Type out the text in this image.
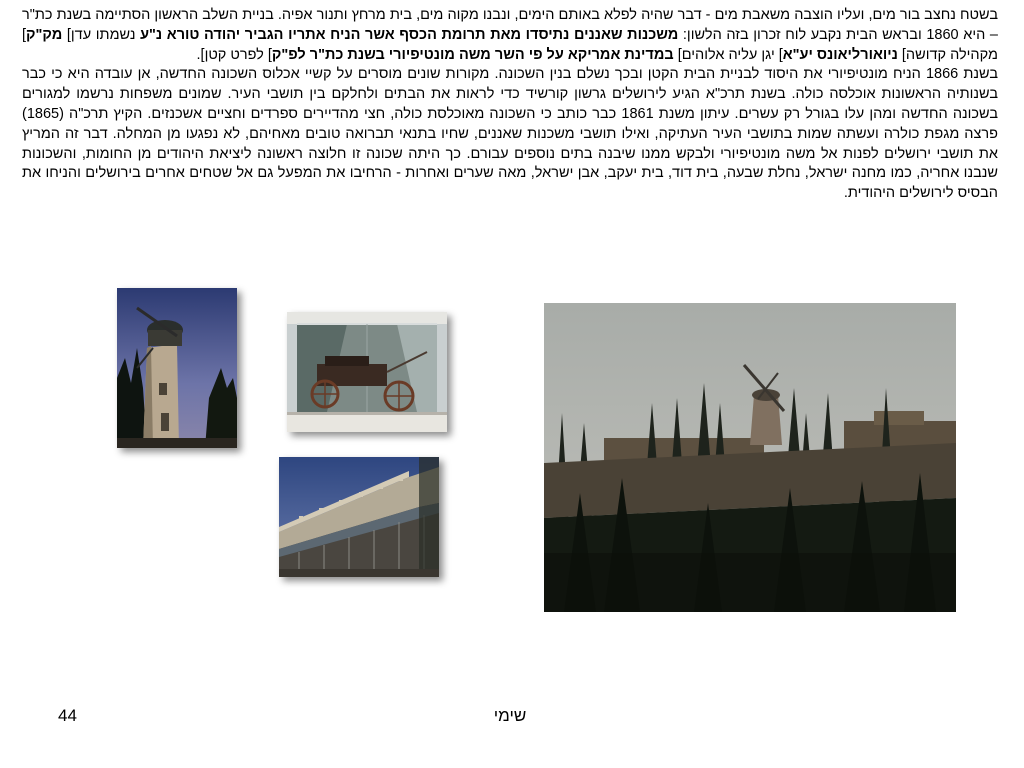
בשטח נחצב בור מים, ועליו הוצבה משאבת מים - דבר שהיה לפלא באותם הימים, ונבנו מקוה מים, בית מרחץ ותנור אפיה. בניית השלב הראשון הסתיימה בשנת כת"ר – היא 1860 ובראש הבית נקבע לוח זכרון בזה הלשון: משכנות שאננים נתיסדו מאת תרומת הכסף אשר הניח אתריו הגביר יהודה טורא נ"ע נשמתו עדן] מק"ק] מקהילה קדושה] ניואורליאונס יע"א] יגן עליה אלוהים] במדינת אמריקא על פי השר משה מונטיפיורי בשנת כת"ר לפ"ק] לפרט קטן].

בשנת 1866 הניח מונטיפיורי את היסוד לבניית הבית הקטן ובכך נשלם בנין השכונה. מקורות שונים מוסרים על קשיי אכלוס השכונה החדשה, אן עובדה היא כי כבר בשנותיה הראשונות אוכלסה כולה. בשנת תרכ"א הגיע לירושלים גרשון קורשיד כדי לראות את הבתים ולחלקם בין תושבי העיר. שמונים משפחות נרשמו למגורים בשכונה החדשה ומהן עלו בגורל רק עשרים. עיתון משנת 1861 כבר כותב כי השכונה מאוכלסת כולה, חצי מהדיירים ספרדים וחציים אשכנזים. הקיץ תרכ"ה (1865) פרצה מגפת כולרה ועשתה שמות בתושבי העיר העתיקה, ואילו תושבי משכנות שאננים, שחיו בתנאי תברואה טובים מאחיהם, לא נפגעו מן המחלה. דבר זה המריץ את תושבי ירושלים לפנות אל משה מונטיפיורי ולבקש ממנו שיבנה בתים נוספים עבורם. כך היתה שכונה זו חלוצה ראשונה ליציאת היהודים מן החומות, והשכונות שנבנו אחריה, כמו מחנה ישראל, נחלת שבעה, בית דוד, בית יעקב, אבן ישראל, מאה שערים ואחרות - הרחיבו את המפעל גם אל שטחים אחרים בירושלים והניחו את הבסיס לירושלים היהודית.

שימי
44
